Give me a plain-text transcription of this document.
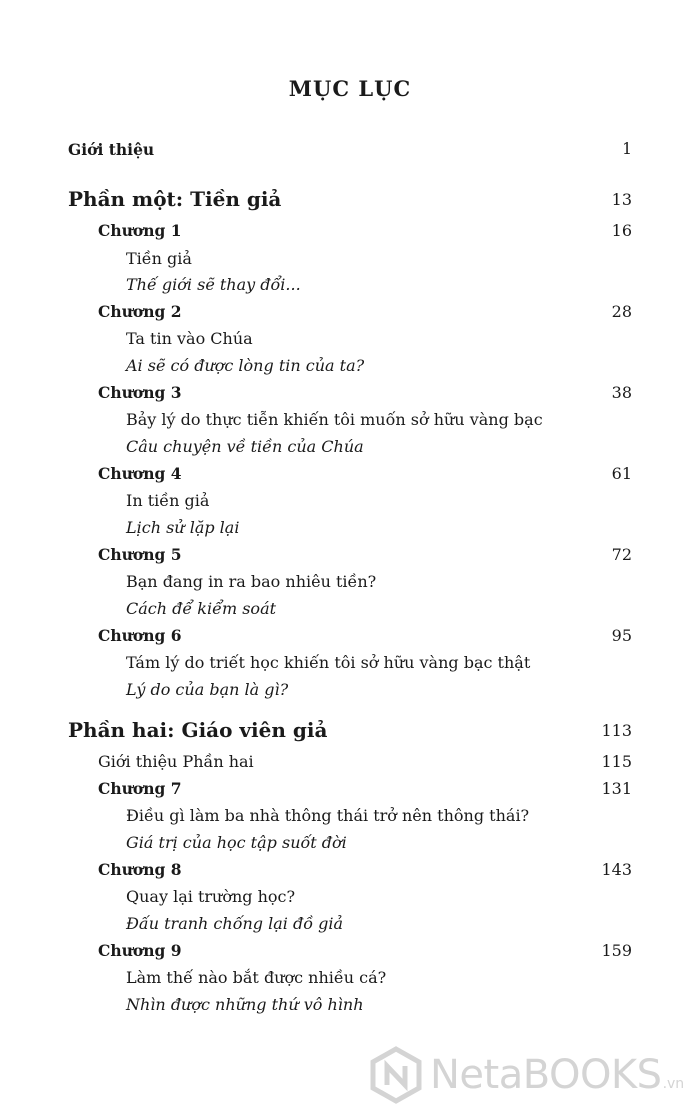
MỤC LỤC
Giới thiệu	1
Phần một: Tiền giả	13
Chương 1	16
Tiền giả
Thế giới sẽ thay đổi...
Chương 2	28
Ta tin vào Chúa
Ai sẽ có được lòng tin của ta?
Chương 3	38
Bảy lý do thực tiễn khiến tôi muốn sở hữu vàng bạc
Câu chuyện về tiền của Chúa
Chương 4	61
In tiền giả
Lịch sử lặp lại
Chương 5	72
Bạn đang in ra bao nhiêu tiền?
Cách để kiểm soát
Chương 6	95
Tám lý do triết học khiến tôi sở hữu vàng bạc thật
Lý do của bạn là gì?
Phần hai: Giáo viên giả	113
Giới thiệu Phần hai	115
Chương 7	131
Điều gì làm ba nhà thông thái trở nên thông thái?
Giá trị của học tập suốt đời
Chương 8	143
Quay lại trường học?
Đấu tranh chống lại đồ giả
Chương 9	159
Làm thế nào bắt được nhiều cá?
Nhìn được những thứ vô hình
NetaBOOKS .vn
